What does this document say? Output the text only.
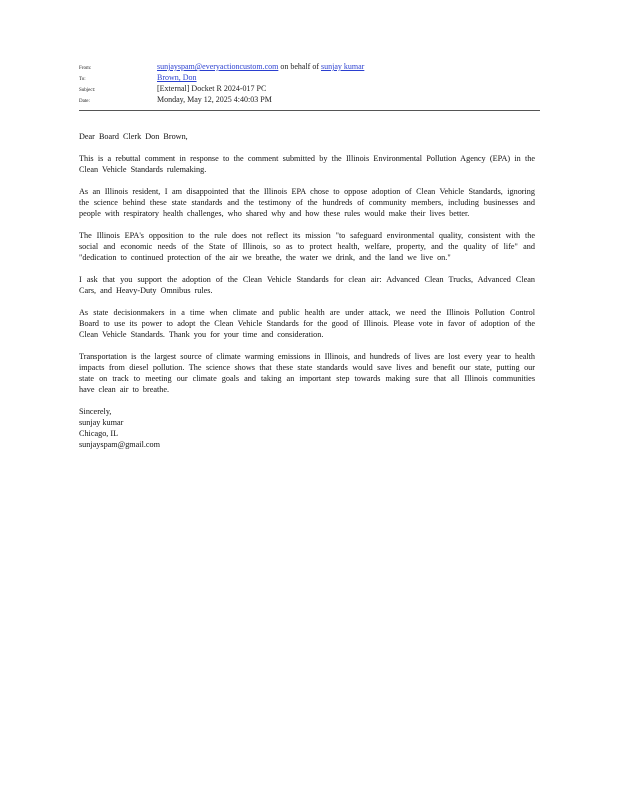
From:	sunjayspam@everyactioncustom.com on behalf of sunjay kumar
To:	Brown, Don
Subject:	[External] Docket R 2024-017 PC
Date:	Monday, May 12, 2025 4:40:03 PM

Dear Board Clerk Don Brown,

This is a rebuttal comment in response to the comment submitted by the Illinois Environmental Pollution Agency (EPA) in the Clean Vehicle Standards rulemaking.

As an Illinois resident, I am disappointed that the Illinois EPA chose to oppose adoption of Clean Vehicle Standards, ignoring the science behind these state standards and the testimony of the hundreds of community members, including businesses and people with respiratory health challenges, who shared why and how these rules would make their lives better.

The Illinois EPA's opposition to the rule does not reflect its mission "to safeguard environmental quality, consistent with the social and economic needs of the State of Illinois, so as to protect health, welfare, property, and the quality of life" and "dedication to continued protection of the air we breathe, the water we drink, and the land we live on."

I ask that you support the adoption of the Clean Vehicle Standards for clean air: Advanced Clean Trucks, Advanced Clean Cars, and Heavy-Duty Omnibus rules.

As state decisionmakers in a time when climate and public health are under attack, we need the Illinois Pollution Control Board to use its power to adopt the Clean Vehicle Standards for the good of Illinois. Please vote in favor of adoption of the Clean Vehicle Standards. Thank you for your time and consideration.

Transportation is the largest source of climate warming emissions in Illinois, and hundreds of lives are lost every year to health impacts from diesel pollution. The science shows that these state standards would save lives and benefit our state, putting our state on track to meeting our climate goals and taking an important step towards making sure that all Illinois communities have clean air to breathe.

Sincerely,
sunjay kumar
Chicago, IL
sunjayspam@gmail.com
